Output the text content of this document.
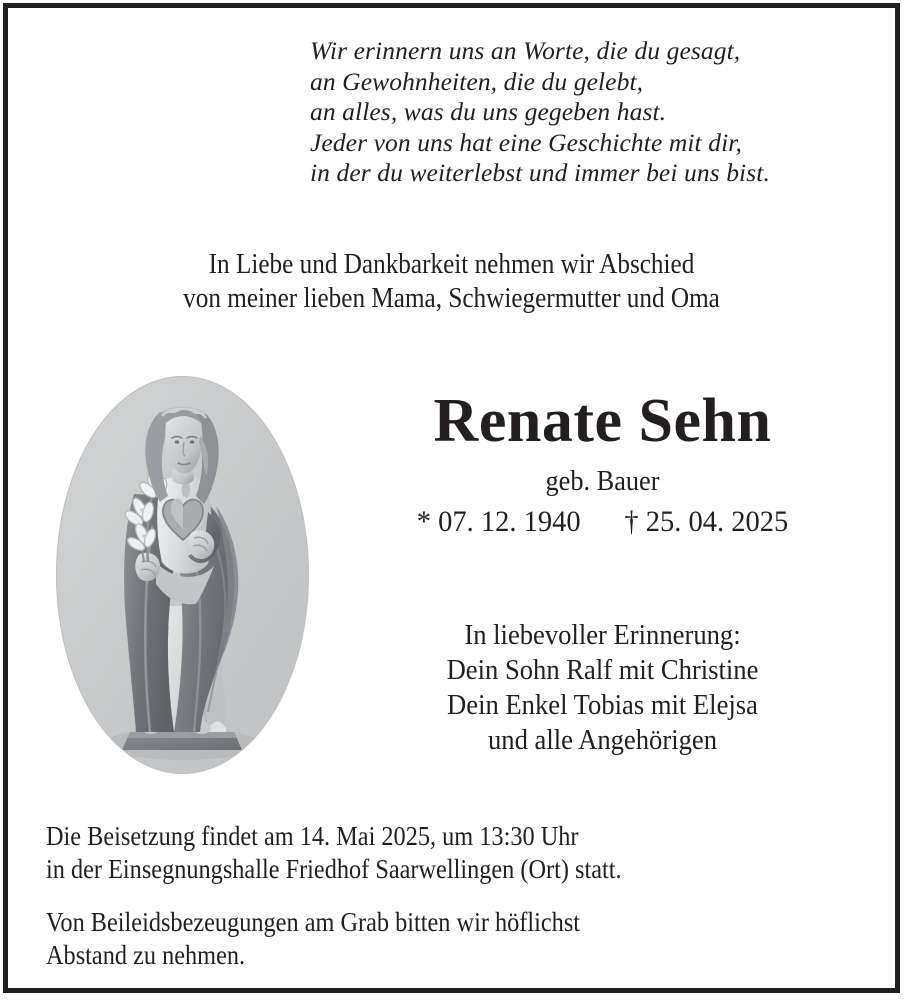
Wir erinnern uns an Worte, die du gesagt,
an Gewohnheiten, die du gelebt,
an alles, was du uns gegeben hast.
Jeder von uns hat eine Geschichte mit dir,
in der du weiterlebst und immer bei uns bist.
In Liebe und Dankbarkeit nehmen wir Abschied
von meiner lieben Mama, Schwiegermutter und Oma
Renate Sehn
geb. Bauer
* 07. 12. 1940 † 25. 04. 2025
In liebevoller Erinnerung:
Dein Sohn Ralf mit Christine
Dein Enkel Tobias mit Elejsa
und alle Angehörigen
Die Beisetzung findet am 14. Mai 2025, um 13:30 Uhr
in der Einsegnungshalle Friedhof Saarwellingen (Ort) statt.
Von Beileidsbezeugungen am Grab bitten wir höflichst
Abstand zu nehmen.
